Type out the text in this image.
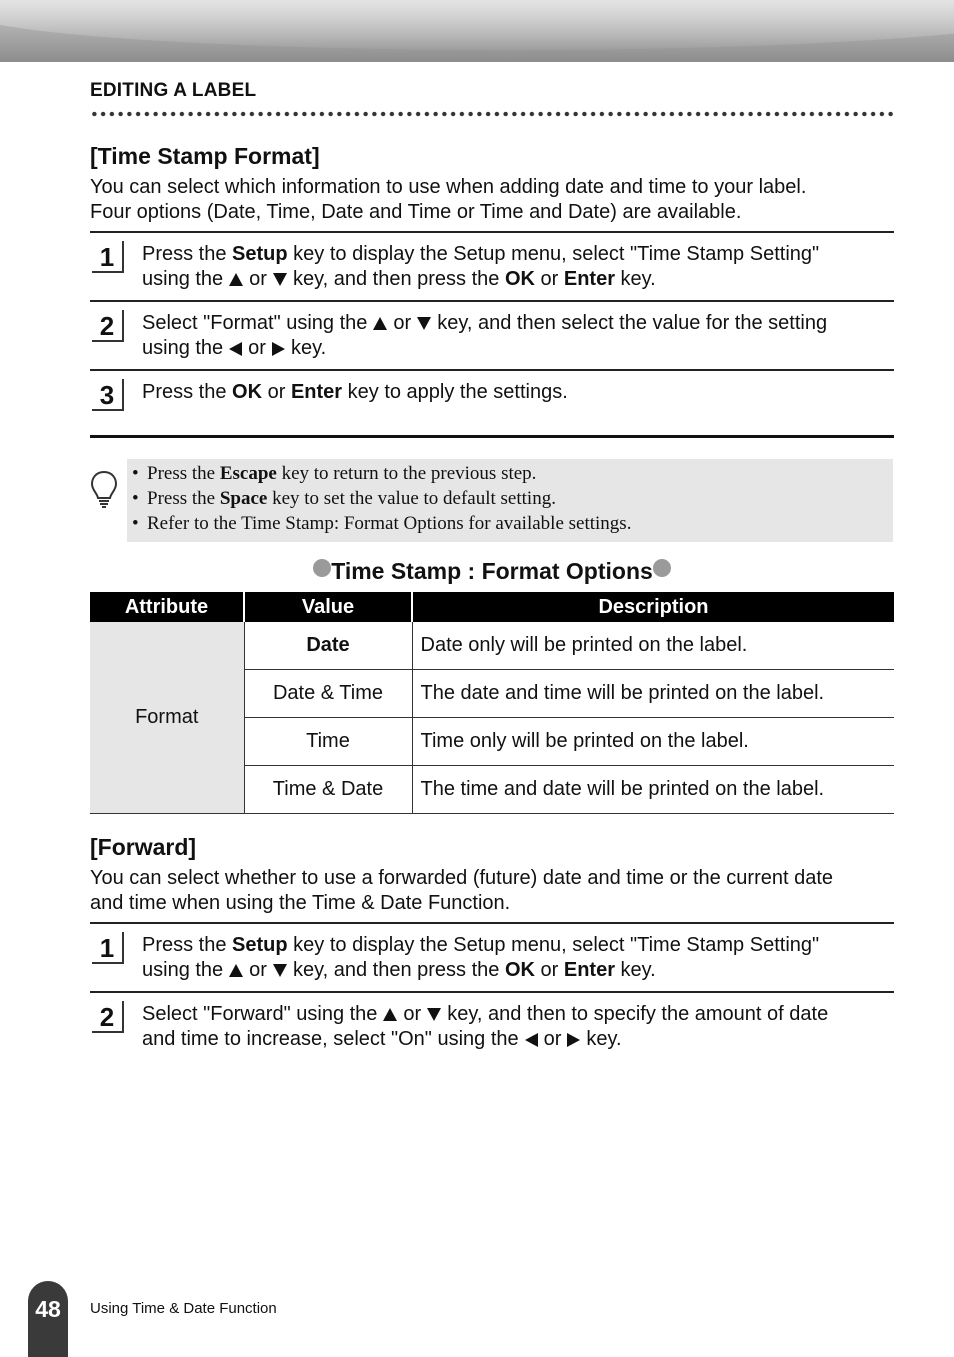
EDITING A LABEL
[Time Stamp Format]
You can select which information to use when adding date and time to your label.
Four options (Date, Time, Date and Time or Time and Date) are available.
1	Press the Setup key to display the Setup menu, select "Time Stamp Setting"
using the or key, and then press the OK or Enter key.
2	Select "Format" using the or key, and then select the value for the setting
using the or key.
3	Press the OK or Enter key to apply the settings.
• Press the Escape key to return to the previous step.
• Press the Space key to set the value to default setting.
• Refer to the Time Stamp: Format Options for available settings.
Time Stamp : Format Options
Attribute	Value	Description
Format	Date	Date only will be printed on the label.
	Date & Time	The date and time will be printed on the label.
	Time	Time only will be printed on the label.
	Time & Date	The time and date will be printed on the label.
[Forward]
You can select whether to use a forwarded (future) date and time or the current date
and time when using the Time & Date Function.
1	Press the Setup key to display the Setup menu, select "Time Stamp Setting"
using the or key, and then press the OK or Enter key.
2	Select "Forward" using the or key, and then to specify the amount of date
and time to increase, select "On" using the or key.
48	Using Time & Date Function
